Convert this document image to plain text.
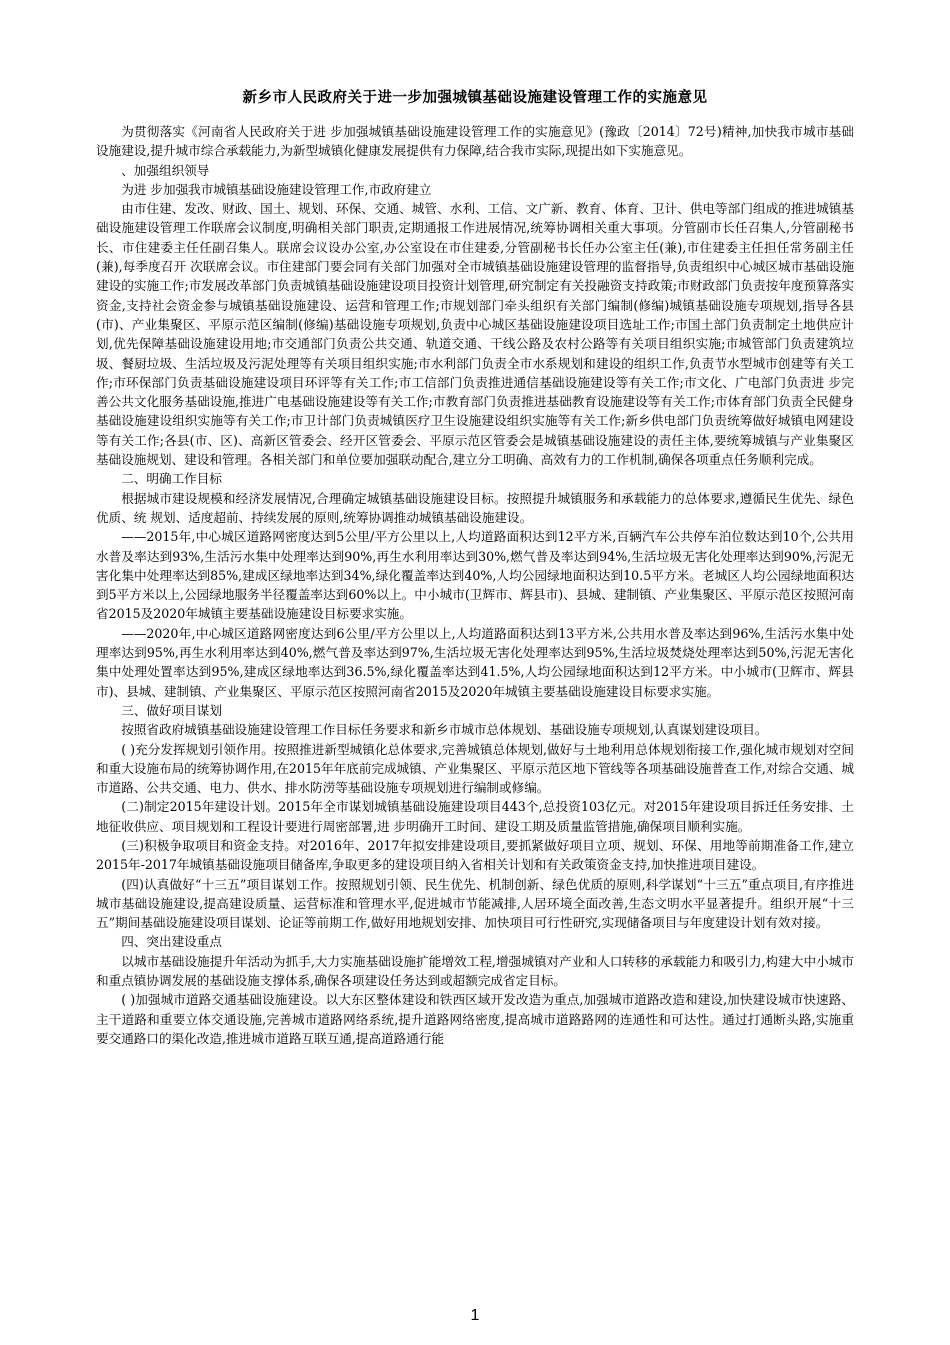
新乡市人民政府关于进一步加强城镇基础设施建设管理工作的实施意见

为贯彻落实《河南省人民政府关于进 步加强城镇基础设施建设管理工作的实施意见》(豫政〔2014〕72号)精神,加快我市城市基础设施建设,提升城市综合承载能力,为新型城镇化健康发展提供有力保障,结合我市实际,现提出如下实施意见。

、加强组织领导

为进 步加强我市城镇基础设施建设管理工作,市政府建立

由市住建、发改、财政、国土、规划、环保、交通、城管、水利、工信、文广新、教育、体育、卫计、供电等部门组成的推进城镇基础设施建设管理工作联席会议制度,明确相关部门职责,定期通报工作进展情况,统筹协调相关重大事项。分管副市长任召集人,分管副秘书长、市住建委主任任副召集人。联席会议设办公室,办公室设在市住建委,分管副秘书长任办公室主任(兼),市住建委主任担任常务副主任(兼),每季度召开 次联席会议。市住建部门要会同有关部门加强对全市城镇基础设施建设管理的监督指导,负责组织中心城区城市基础设施建设的实施工作;市发展改革部门负责城镇基础设施建设项目投资计划管理,研究制定有关投融资支持政策;市财政部门负责按年度预算落实资金,支持社会资金参与城镇基础设施建设、运营和管理工作;市规划部门牵头组织有关部门编制(修编)城镇基础设施专项规划,指导各县(市)、产业集聚区、平原示范区编制(修编)基础设施专项规划,负责中心城区基础设施建设项目选址工作;市国土部门负责制定土地供应计划,优先保障基础设施建设用地;市交通部门负责公共交通、轨道交通、干线公路及农村公路等有关项目组织实施;市城管部门负责建筑垃圾、餐厨垃圾、生活垃圾及污泥处理等有关项目组织实施;市水利部门负责全市水系规划和建设的组织工作,负责节水型城市创建等有关工作;市环保部门负责基础设施建设项目环评等有关工作;市工信部门负责推进通信基础设施建设等有关工作;市文化、广电部门负责进 步完善公共文化服务基础设施,推进广电基础设施建设等有关工作;市教育部门负责推进基础教育设施建设等有关工作;市体育部门负责全民健身基础设施建设组织实施等有关工作;市卫计部门负责城镇医疗卫生设施建设组织实施等有关工作;新乡供电部门负责统筹做好城镇电网建设等有关工作;各县(市、区)、高新区管委会、经开区管委会、平原示范区管委会是城镇基础设施建设的责任主体,要统筹城镇与产业集聚区基础设施规划、建设和管理。各相关部门和单位要加强联动配合,建立分工明确、高效有力的工作机制,确保各项重点任务顺利完成。

二、明确工作目标

根据城市建设规模和经济发展情况,合理确定城镇基础设施建设目标。按照提升城镇服务和承载能力的总体要求,遵循民生优先、绿色优质、统 规划、适度超前、持续发展的原则,统筹协调推动城镇基础设施建设。

——2015年,中心城区道路网密度达到5公里/平方公里以上,人均道路面积达到12平方米,百辆汽车公共停车泊位数达到10个,公共用水普及率达到93%,生活污水集中处理率达到90%,再生水利用率达到30%,燃气普及率达到94%,生活垃圾无害化处理率达到90%,污泥无害化集中处理率达到85%,建成区绿地率达到34%,绿化覆盖率达到40%,人均公园绿地面积达到10.5平方米。老城区人均公园绿地面积达到5平方米以上,公园绿地服务半径覆盖率达到60%以上。中小城市(卫辉市、辉县市)、县城、建制镇、产业集聚区、平原示范区按照河南省2015及2020年城镇主要基础设施建设目标要求实施。

——2020年,中心城区道路网密度达到6公里/平方公里以上,人均道路面积达到13平方米,公共用水普及率达到96%,生活污水集中处理率达到95%,再生水利用率达到40%,燃气普及率达到97%,生活垃圾无害化处理率达到95%,生活垃圾焚烧处理率达到50%,污泥无害化集中处理处置率达到95%,建成区绿地率达到36.5%,绿化覆盖率达到41.5%,人均公园绿地面积达到12平方米。中小城市(卫辉市、辉县市)、县城、建制镇、产业集聚区、平原示范区按照河南省2015及2020年城镇主要基础设施建设目标要求实施。

三、做好项目谋划

按照省政府城镇基础设施建设管理工作目标任务要求和新乡市城市总体规划、基础设施专项规划,认真谋划建设项目。

( )充分发挥规划引领作用。按照推进新型城镇化总体要求,完善城镇总体规划,做好与土地利用总体规划衔接工作,强化城市规划对空间和重大设施布局的统筹协调作用,在2015年年底前完成城镇、产业集聚区、平原示范区地下管线等各项基础设施普查工作,对综合交通、城市道路、公共交通、电力、供水、排水防涝等基础设施专项规划进行编制或修编。

(二)制定2015年建设计划。2015年全市谋划城镇基础设施建设项目443个,总投资103亿元。对2015年建设项目拆迁任务安排、土地征收供应、项目规划和工程设计要进行周密部署,进 步明确开工时间、建设工期及质量监管措施,确保项目顺利实施。

(三)积极争取项目和资金支持。对2016年、2017年拟安排建设项目,要抓紧做好项目立项、规划、环保、用地等前期准备工作,建立2015年-2017年城镇基础设施项目储备库,争取更多的建设项目纳入省相关计划和有关政策资金支持,加快推进项目建设。

(四)认真做好“十三五”项目谋划工作。按照规划引领、民生优先、机制创新、绿色优质的原则,科学谋划“十三五”重点项目,有序推进城市基础设施建设,提高建设质量、运营标准和管理水平,促进城市节能减排,人居环境全面改善,生态文明水平显著提升。组织开展“十三五”期间基础设施建设项目谋划、论证等前期工作,做好用地规划安排、加快项目可行性研究,实现储备项目与年度建设计划有效对接。

四、突出建设重点

以城市基础设施提升年活动为抓手,大力实施基础设施扩能增效工程,增强城镇对产业和人口转移的承载能力和吸引力,构建大中小城市和重点镇协调发展的基础设施支撑体系,确保各项建设任务达到或超额完成省定目标。

( )加强城市道路交通基础设施建设。以大东区整体建设和铁西区域开发改造为重点,加强城市道路改造和建设,加快建设城市快速路、主干道路和重要立体交通设施,完善城市道路网络系统,提升道路网络密度,提高城市道路路网的连通性和可达性。通过打通断头路,实施重要交通路口的渠化改造,推进城市道路互联互通,提高道路通行能

1
